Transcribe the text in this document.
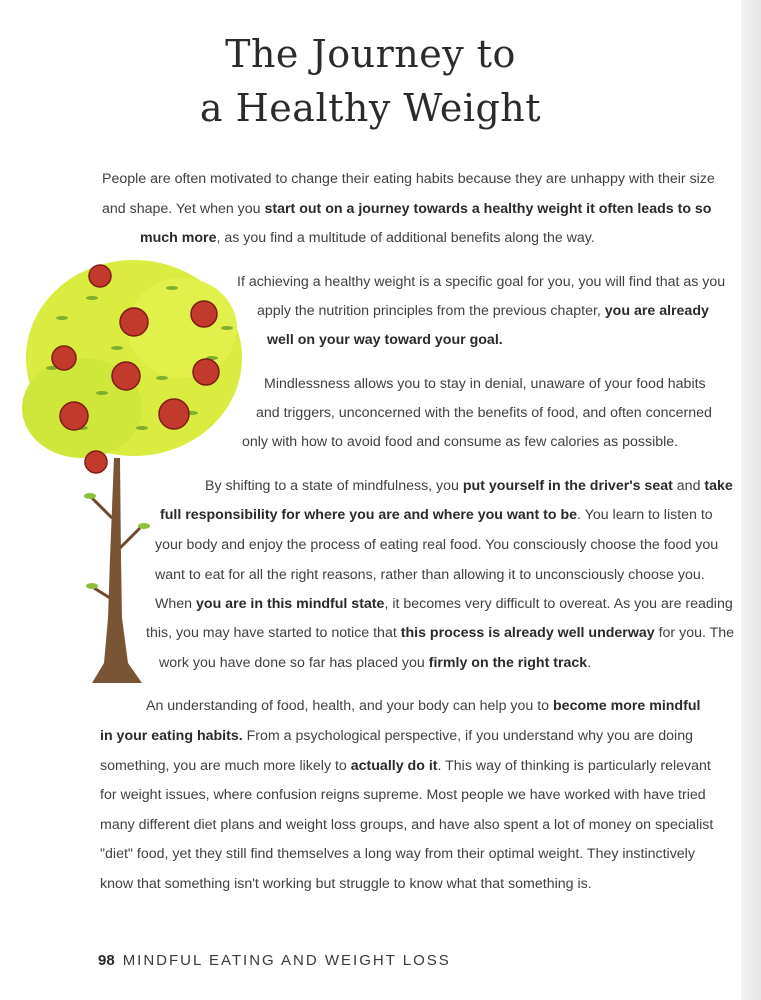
The Journey to
a Healthy Weight
People are often motivated to change their eating habits because they are unhappy with their size
and shape. Yet when you start out on a journey towards a healthy weight it often leads to so
much more, as you find a multitude of additional benefits along the way.
If achieving a healthy weight is a specific goal for you, you will find that as you
apply the nutrition principles from the previous chapter, you are already
well on your way toward your goal.
Mindlessness allows you to stay in denial, unaware of your food habits
and triggers, unconcerned with the benefits of food, and often concerned
only with how to avoid food and consume as few calories as possible.
By shifting to a state of mindfulness, you put yourself in the driver's seat and take
full responsibility for where you are and where you want to be. You learn to listen to
your body and enjoy the process of eating real food. You consciously choose the food you
want to eat for all the right reasons, rather than allowing it to unconsciously choose you.
When you are in this mindful state, it becomes very difficult to overeat. As you are reading
this, you may have started to notice that this process is already well underway for you. The
work you have done so far has placed you firmly on the right track.
An understanding of food, health, and your body can help you to become more mindful
in your eating habits. From a psychological perspective, if you understand why you are doing
something, you are much more likely to actually do it. This way of thinking is particularly relevant
for weight issues, where confusion reigns supreme. Most people we have worked with have tried
many different diet plans and weight loss groups, and have also spent a lot of money on specialist
"diet" food, yet they still find themselves a long way from their optimal weight. They instinctively
know that something isn't working but struggle to know what that something is.
98 MINDFUL EATING AND WEIGHT LOSS
